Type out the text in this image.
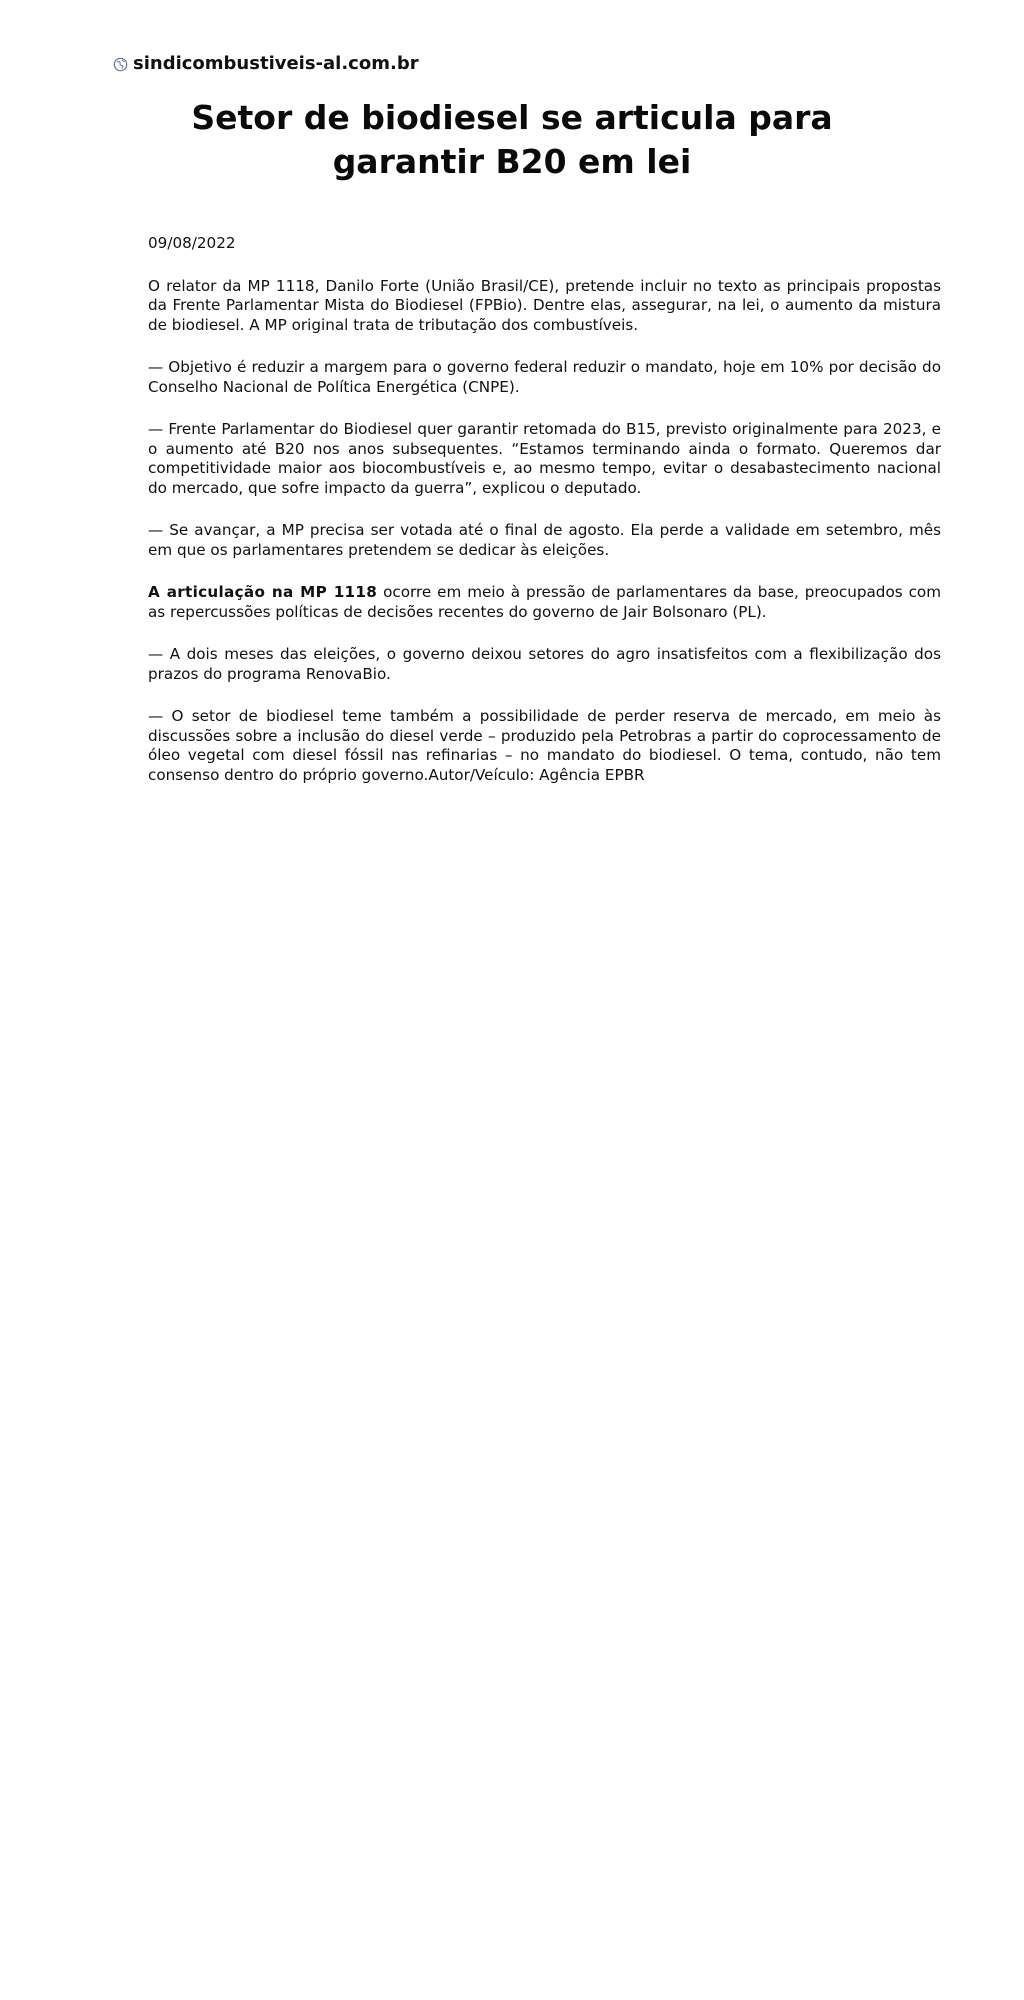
sindicombustiveis-al.com.br
Setor de biodiesel se articula para garantir B20 em lei
09/08/2022

O relator da MP 1118, Danilo Forte (União Brasil/CE), pretende incluir no texto as principais propostas da Frente Parlamentar Mista do Biodiesel (FPBio). Dentre elas, assegurar, na lei, o aumento da mistura de biodiesel. A MP original trata de tributação dos combustíveis.

— Objetivo é reduzir a margem para o governo federal reduzir o mandato, hoje em 10% por decisão do Conselho Nacional de Política Energética (CNPE).

— Frente Parlamentar do Biodiesel quer garantir retomada do B15, previsto originalmente para 2023, e o aumento até B20 nos anos subsequentes. “Estamos terminando ainda o formato. Queremos dar competitividade maior aos biocombustíveis e, ao mesmo tempo, evitar o desabastecimento nacional do mercado, que sofre impacto da guerra”, explicou o deputado.

— Se avançar, a MP precisa ser votada até o final de agosto. Ela perde a validade em setembro, mês em que os parlamentares pretendem se dedicar às eleições.

A articulação na MP 1118 ocorre em meio à pressão de parlamentares da base, preocupados com as repercussões políticas de decisões recentes do governo de Jair Bolsonaro (PL).

— A dois meses das eleições, o governo deixou setores do agro insatisfeitos com a flexibilização dos prazos do programa RenovaBio.

— O setor de biodiesel teme também a possibilidade de perder reserva de mercado, em meio às discussões sobre a inclusão do diesel verde – produzido pela Petrobras a partir do coprocessamento de óleo vegetal com diesel fóssil nas refinarias – no mandato do biodiesel. O tema, contudo, não tem consenso dentro do próprio governo.Autor/Veículo: Agência EPBR
